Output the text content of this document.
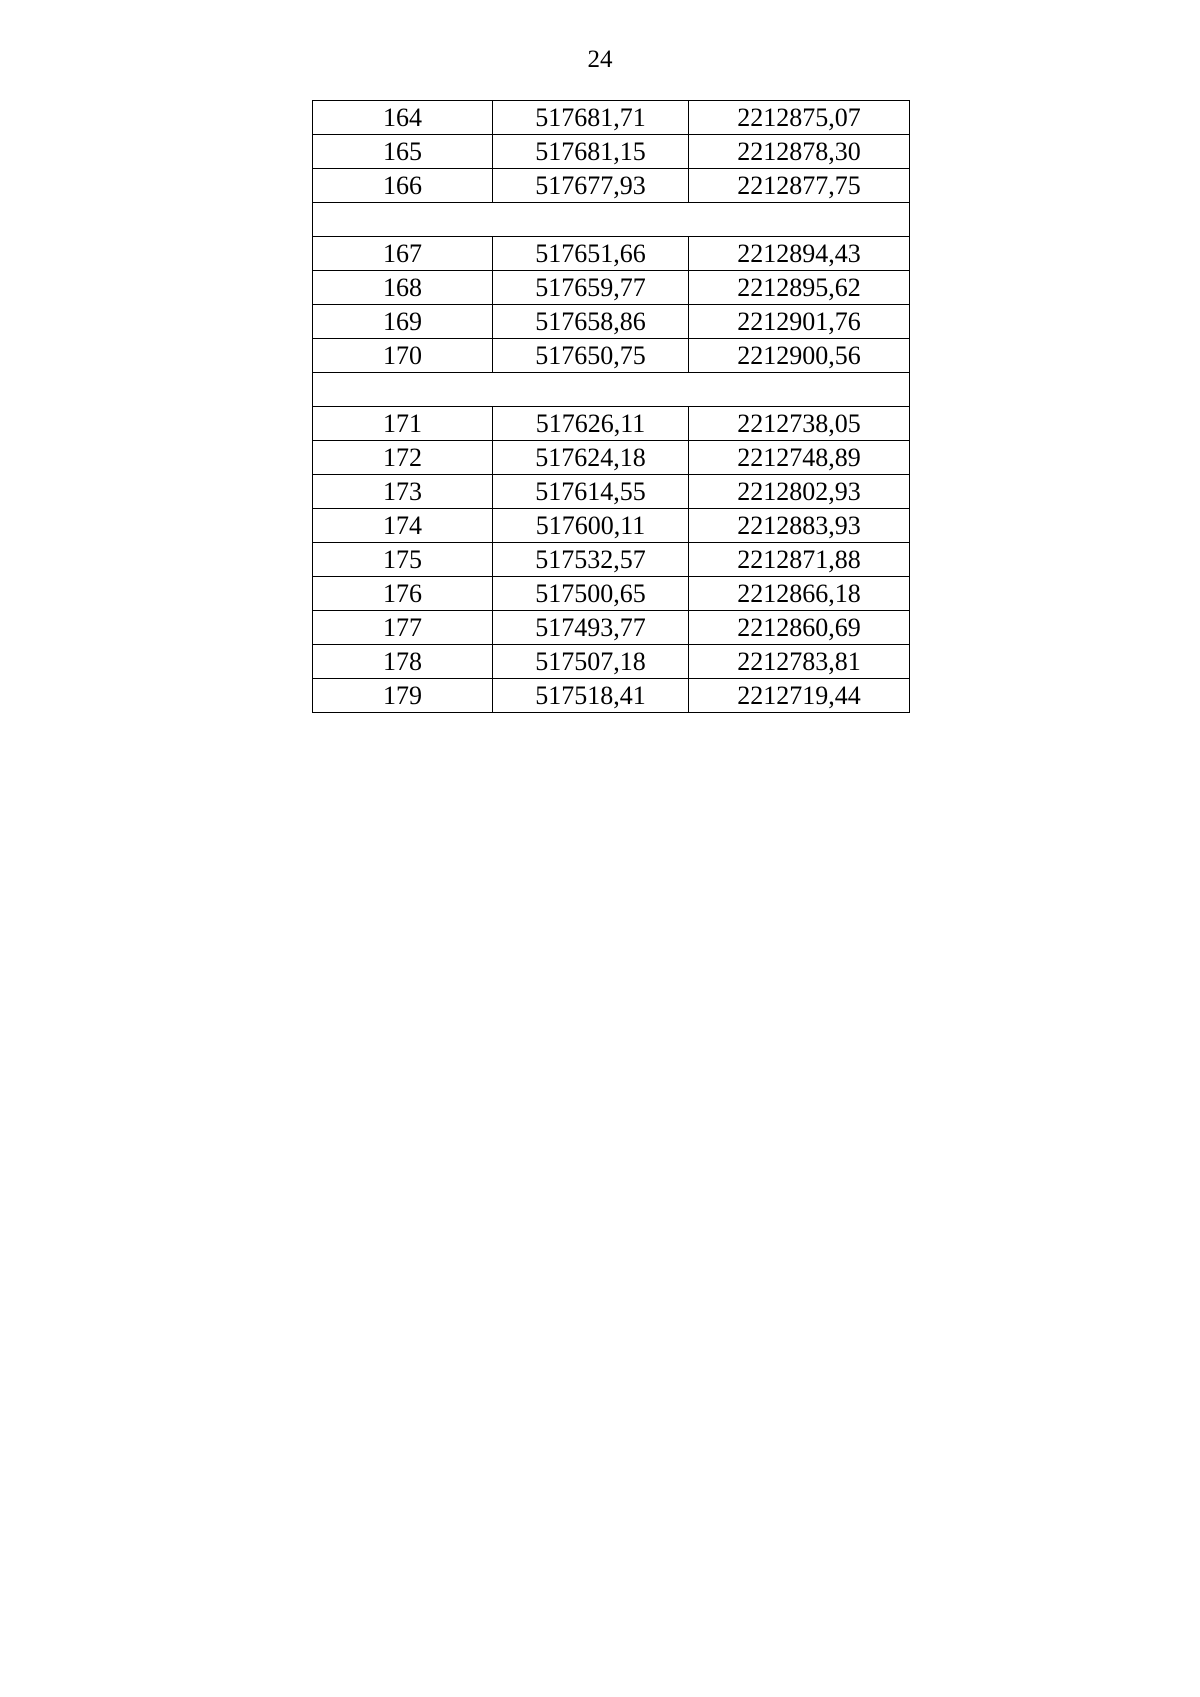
24
164	517681,71	2212875,07
165	517681,15	2212878,30
166	517677,93	2212877,75

167	517651,66	2212894,43
168	517659,77	2212895,62
169	517658,86	2212901,76
170	517650,75	2212900,56

171	517626,11	2212738,05
172	517624,18	2212748,89
173	517614,55	2212802,93
174	517600,11	2212883,93
175	517532,57	2212871,88
176	517500,65	2212866,18
177	517493,77	2212860,69
178	517507,18	2212783,81
179	517518,41	2212719,44
